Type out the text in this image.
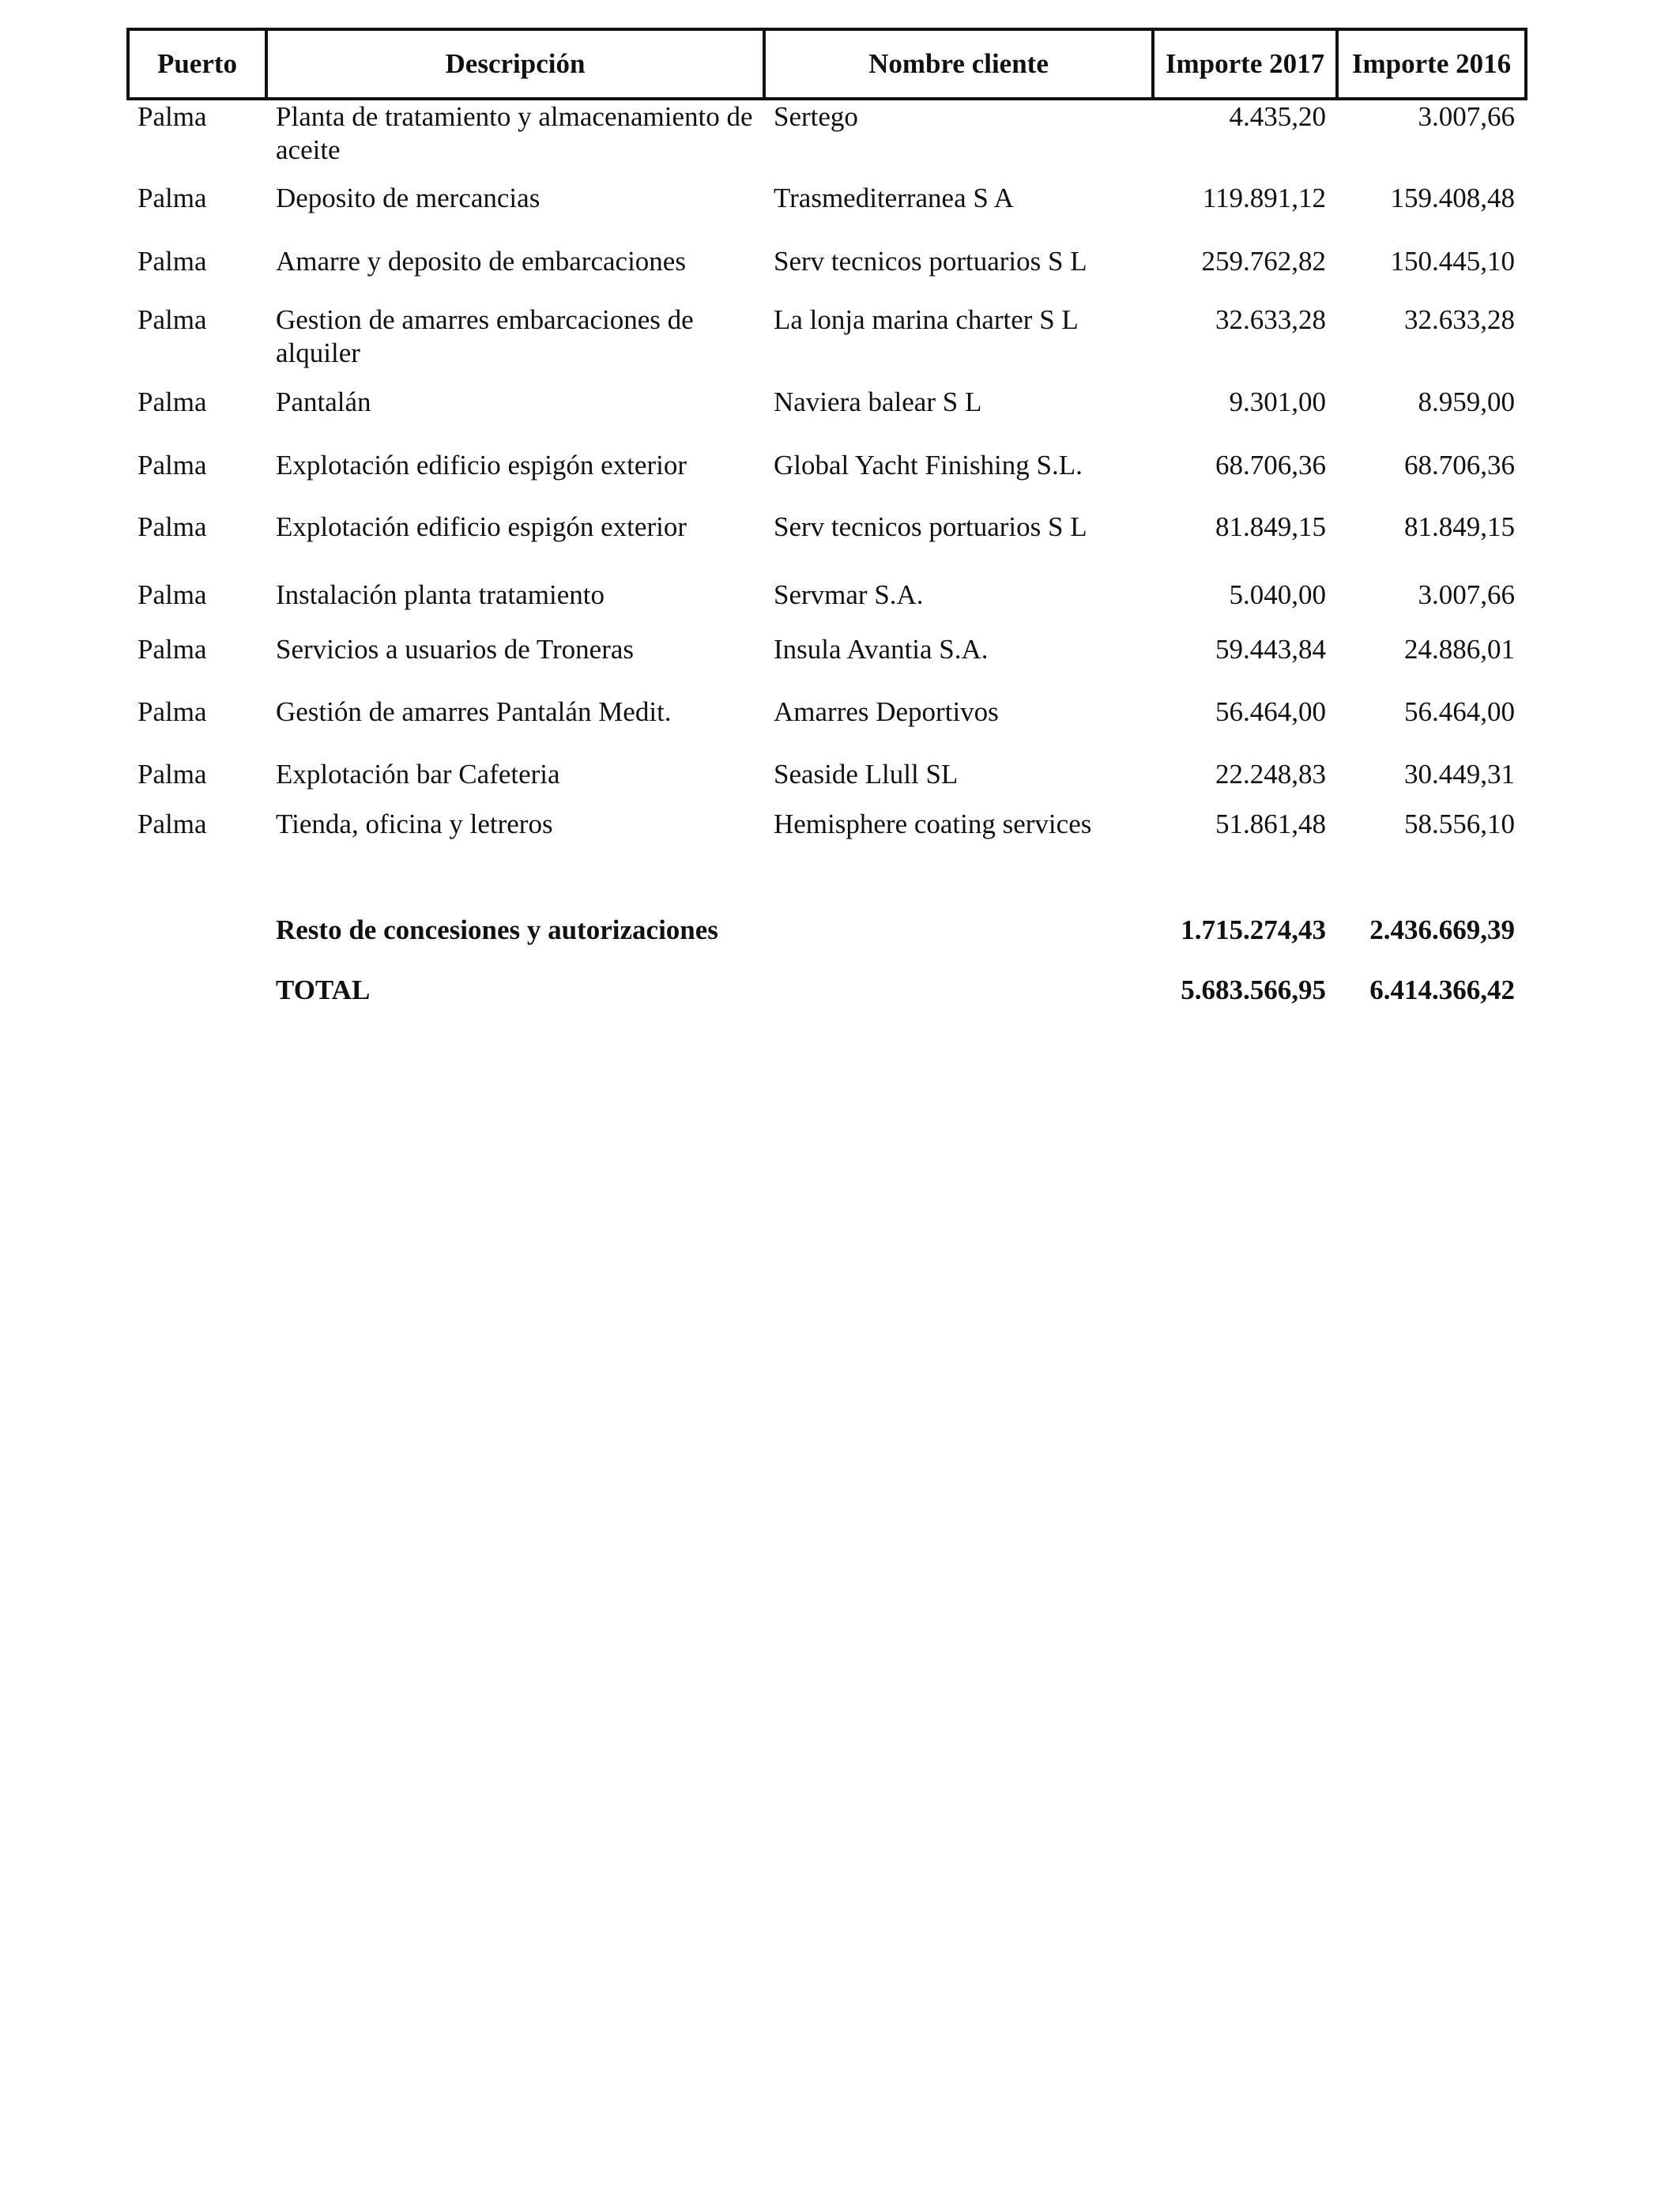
Puerto	Descripción	Nombre cliente	Importe 2017	Importe 2016
Palma	Planta de tratamiento y almacenamiento de aceite	Sertego	4.435,20	3.007,66
Palma	Deposito de mercancias	Trasmediterranea S A	119.891,12	159.408,48
Palma	Amarre y deposito de embarcaciones	Serv tecnicos portuarios S L	259.762,82	150.445,10
Palma	Gestion de amarres embarcaciones de alquiler	La lonja marina charter S L	32.633,28	32.633,28
Palma	Pantalán	Naviera balear S L	9.301,00	8.959,00
Palma	Explotación edificio espigón exterior	Global Yacht Finishing S.L.	68.706,36	68.706,36
Palma	Explotación edificio espigón exterior	Serv tecnicos portuarios S L	81.849,15	81.849,15
Palma	Instalación planta tratamiento	Servmar S.A.	5.040,00	3.007,66
Palma	Servicios a usuarios de Troneras	Insula Avantia S.A.	59.443,84	24.886,01
Palma	Gestión de amarres Pantalán Medit.	Amarres Deportivos	56.464,00	56.464,00
Palma	Explotación bar Cafeteria	Seaside Llull SL	22.248,83	30.449,31
Palma	Tienda, oficina y letreros	Hemisphere coating services	51.861,48	58.556,10

	Resto de concesiones y autorizaciones		1.715.274,43	2.436.669,39
	TOTAL		5.683.566,95	6.414.366,42
